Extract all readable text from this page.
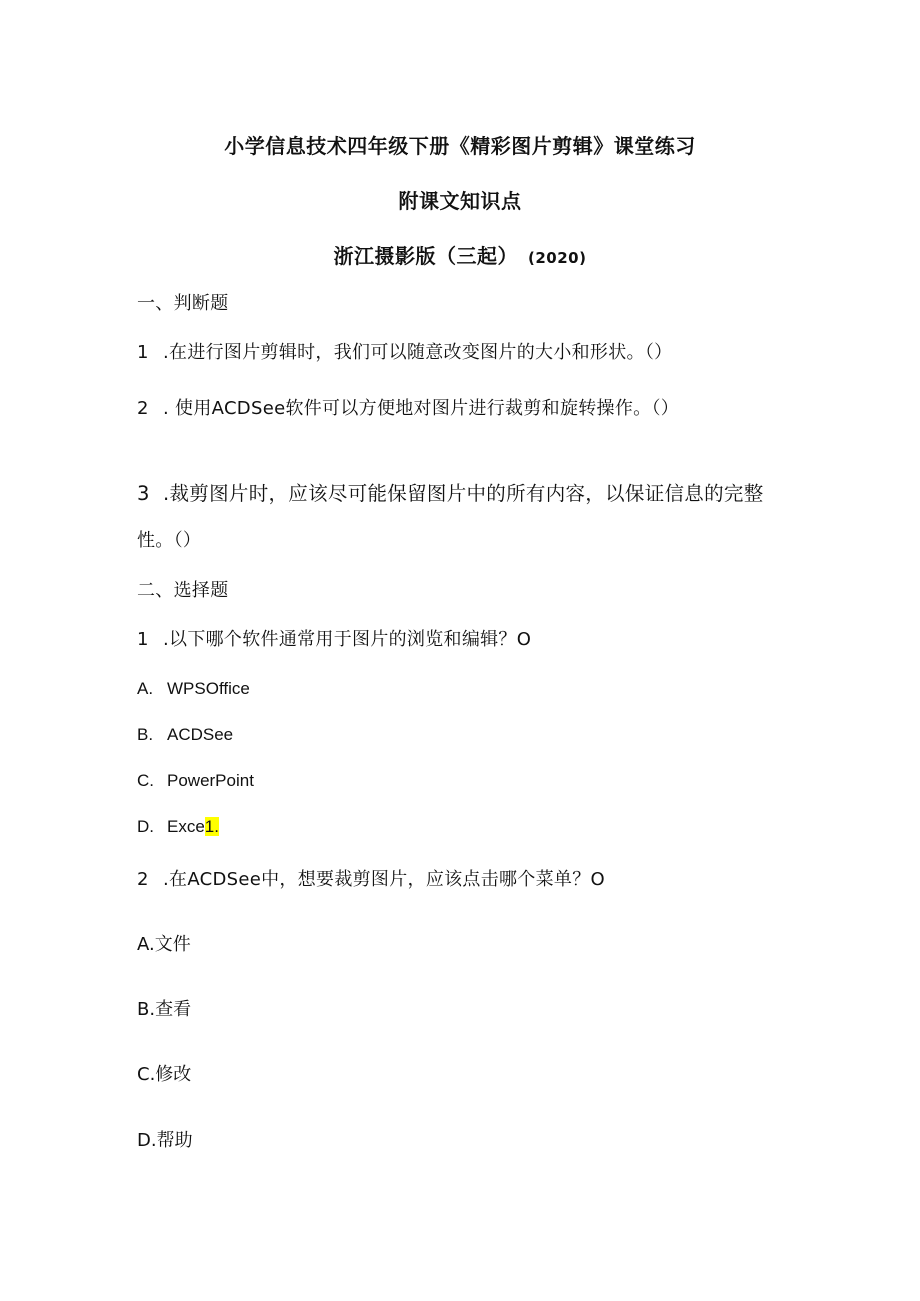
小学信息技术四年级下册《精彩图片剪辑》课堂练习
附课文知识点
浙江摄影版（三起） (2020)
一、判断题
1 .在进行图片剪辑时，我们可以随意改变图片的大小和形状。（）
2 . 使用ACDSee软件可以方便地对图片进行裁剪和旋转操作。（）
3 .裁剪图片时，应该尽可能保留图片中的所有内容，以保证信息的完整
性。（）
二、选择题
1 .以下哪个软件通常用于图片的浏览和编辑？O
A. WPSOffice
B. ACDSee
C. PowerPoint
D. Exce1.
2 .在ACDSee中，想要裁剪图片，应该点击哪个菜单？O
A.文件
B.查看
C.修改
D.帮助
